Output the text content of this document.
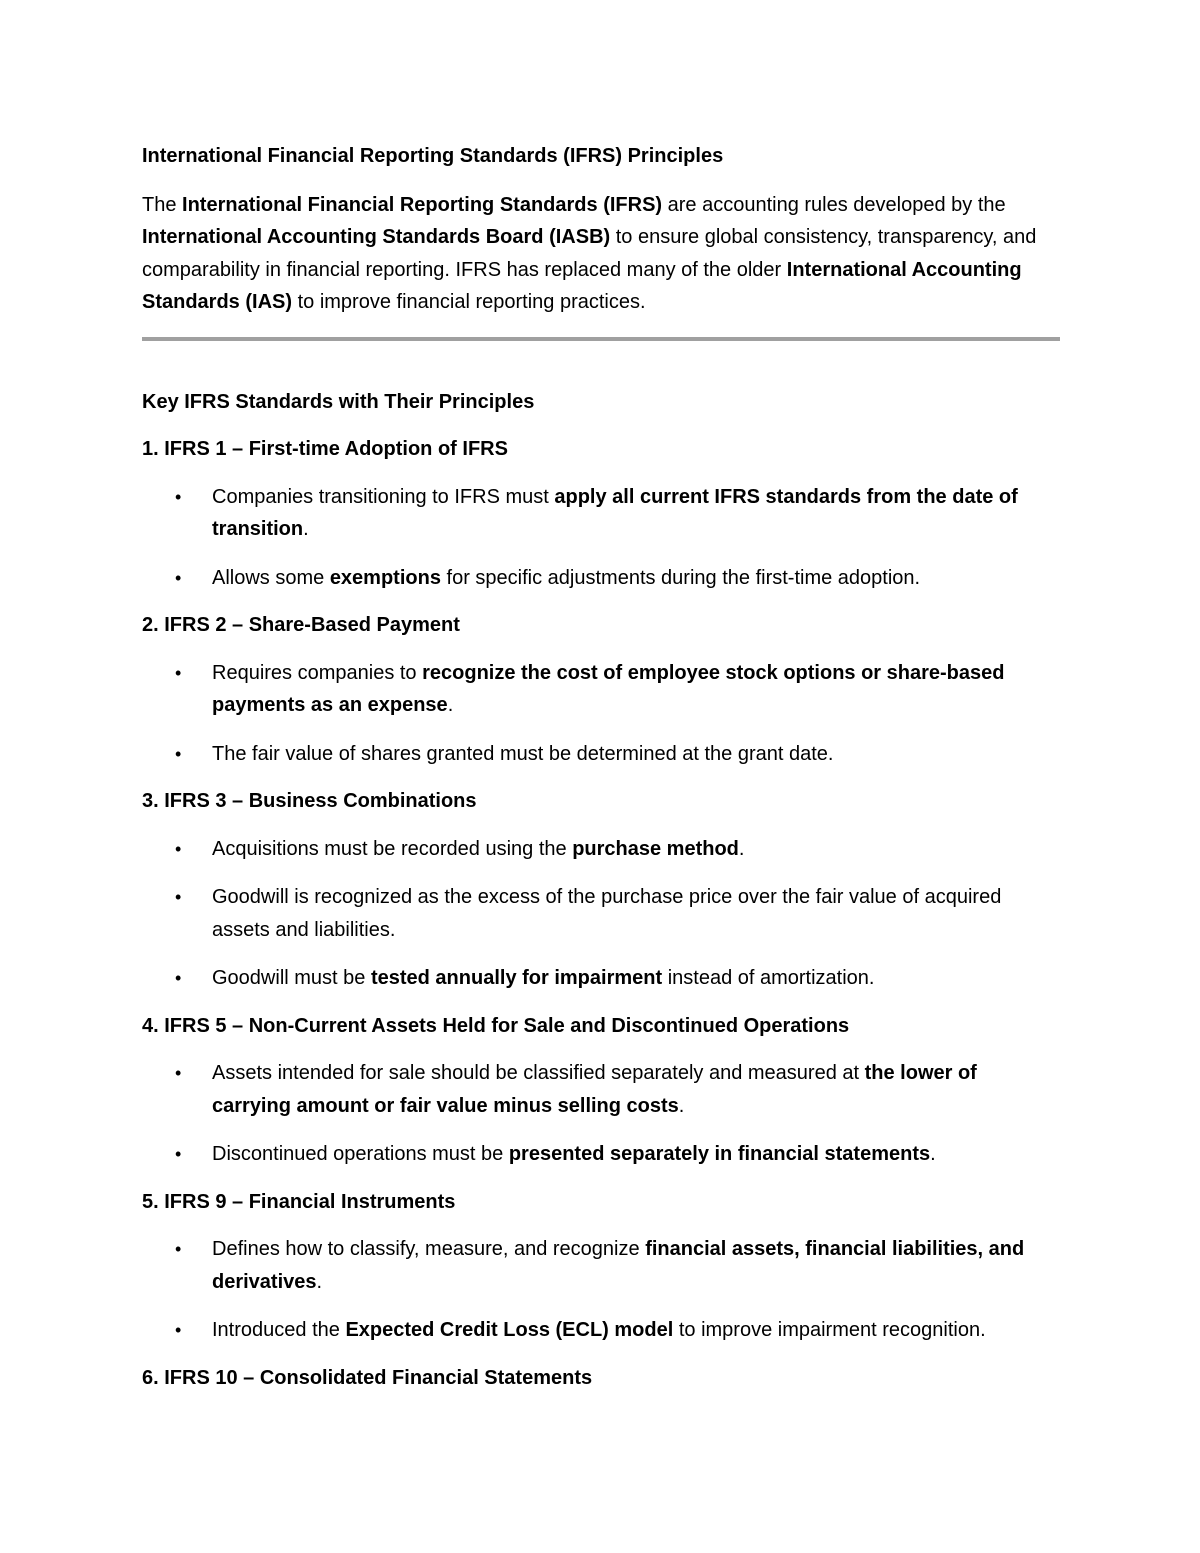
International Financial Reporting Standards (IFRS) Principles

The International Financial Reporting Standards (IFRS) are accounting rules developed by the International Accounting Standards Board (IASB) to ensure global consistency, transparency, and comparability in financial reporting. IFRS has replaced many of the older International Accounting Standards (IAS) to improve financial reporting practices.

Key IFRS Standards with Their Principles

1. IFRS 1 – First-time Adoption of IFRS

• Companies transitioning to IFRS must apply all current IFRS standards from the date of transition.
• Allows some exemptions for specific adjustments during the first-time adoption.

2. IFRS 2 – Share-Based Payment

• Requires companies to recognize the cost of employee stock options or share-based payments as an expense.
• The fair value of shares granted must be determined at the grant date.

3. IFRS 3 – Business Combinations

• Acquisitions must be recorded using the purchase method.
• Goodwill is recognized as the excess of the purchase price over the fair value of acquired assets and liabilities.
• Goodwill must be tested annually for impairment instead of amortization.

4. IFRS 5 – Non-Current Assets Held for Sale and Discontinued Operations

• Assets intended for sale should be classified separately and measured at the lower of carrying amount or fair value minus selling costs.
• Discontinued operations must be presented separately in financial statements.

5. IFRS 9 – Financial Instruments

• Defines how to classify, measure, and recognize financial assets, financial liabilities, and derivatives.
• Introduced the Expected Credit Loss (ECL) model to improve impairment recognition.

6. IFRS 10 – Consolidated Financial Statements
